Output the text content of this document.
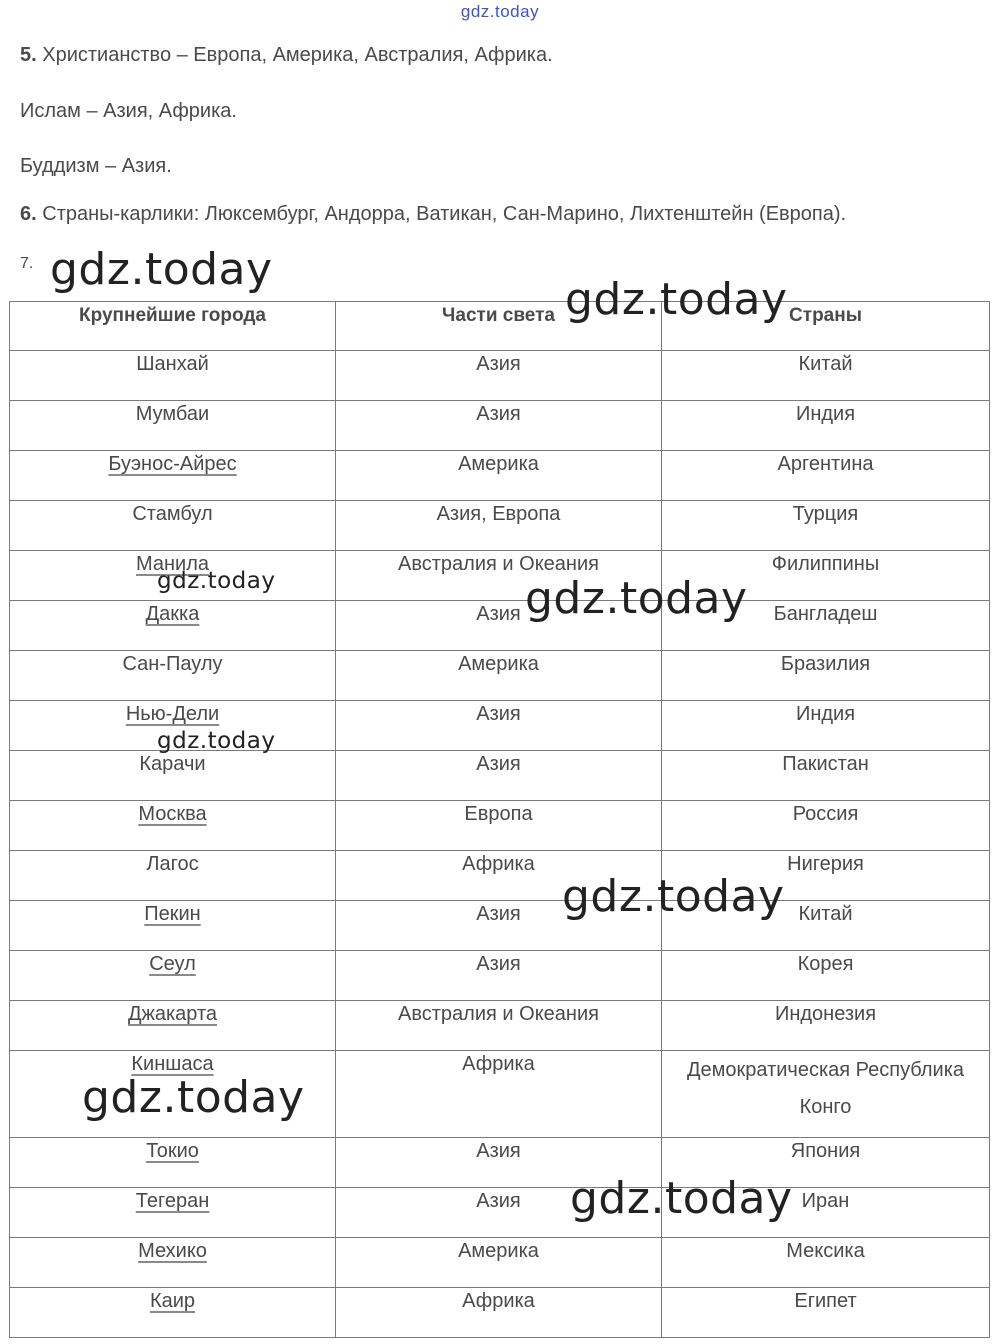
gdz.today
5. Христианство – Европа, Америка, Австралия, Африка.
Ислам – Азия, Африка.
Буддизм – Азия.
6. Страны-карлики: Люксембург, Андорра, Ватикан, Сан-Марино, Лихтенштейн (Европа).
7.
Крупнейшие города	Части света	Страны
Шанхай	Азия	Китай
Мумбаи	Азия	Индия
Буэнос-Айрес	Америка	Аргентина
Стамбул	Азия, Европа	Турция
Манила	Австралия и Океания	Филиппины
Дакка	Азия	Бангладеш
Сан-Паулу	Америка	Бразилия
Нью-Дели	Азия	Индия
Карачи	Азия	Пакистан
Москва	Европа	Россия
Лагос	Африка	Нигерия
Пекин	Азия	Китай
Сеул	Азия	Корея
Джакарта	Австралия и Океания	Индонезия
Киншаса	Африка	Демократическая Республика Конго
Токио	Азия	Япония
Тегеран	Азия	Иран
Мехико	Америка	Мексика
Каир	Африка	Египет
gdz.today
gdz.today
gdz.today	gdz.today
gdz.today
gdz.today
gdz.today
gdz.today
